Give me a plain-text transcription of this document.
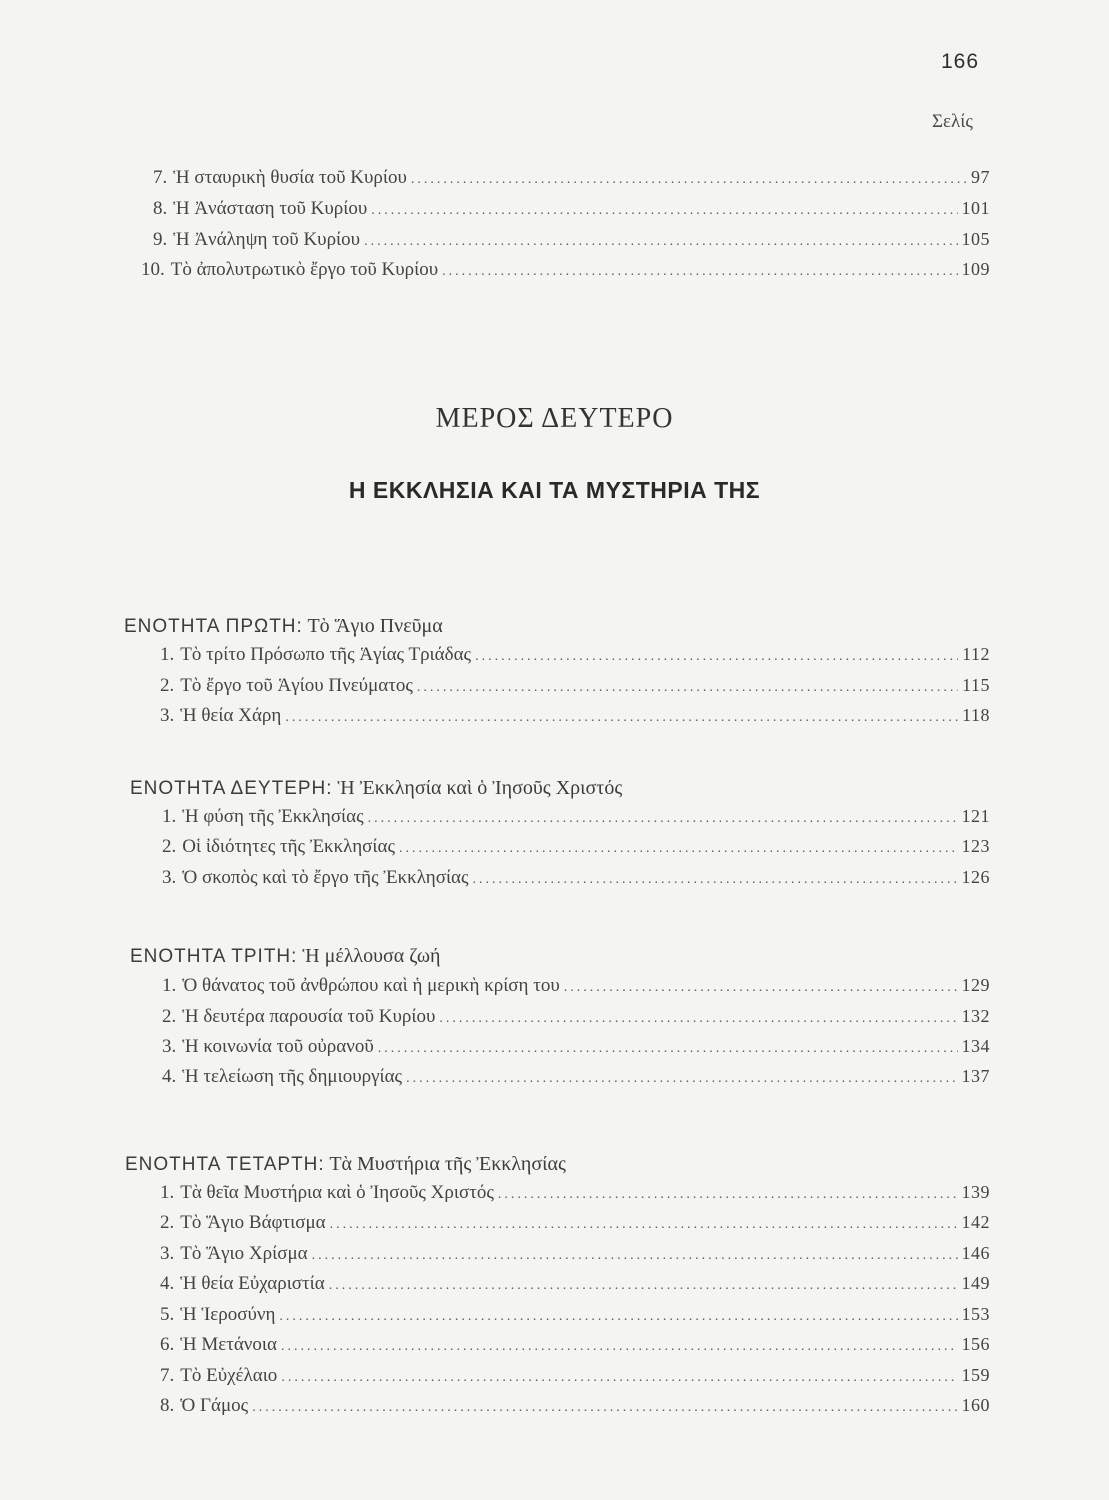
166
Σελίς
7. Ἡ σταυρικὴ θυσία τοῦ Κυρίου .....	97
8. Ἡ Ἀνάσταση τοῦ Κυρίου .....	101
9. Ἡ Ἀνάληψη τοῦ Κυρίου .....	105
10. Τὸ ἀπολυτρωτικὸ ἔργο τοῦ Κυρίου .....	109
ΜΕΡΟΣ ΔΕΥΤΕΡΟ
Η ΕΚΚΛΗΣΙΑ ΚΑΙ ΤΑ ΜΥΣΤΗΡΙΑ ΤΗΣ
ΕΝΟΤΗΤΑ ΠΡΩΤΗ: Τὸ Ἅγιο Πνεῦμα
1. Τὸ τρίτο Πρόσωπο τῆς Ἁγίας Τριάδας .....	112
2. Τὸ ἔργο τοῦ Ἁγίου Πνεύματος .....	115
3. Ἡ θεία Χάρη .....	118
ΕΝΟΤΗΤΑ ΔΕΥΤΕΡΗ: Ἡ Ἐκκλησία καὶ ὁ Ἰησοῦς Χριστός
1. Ἡ φύση τῆς Ἐκκλησίας .....	121
2. Οἱ ἰδιότητες τῆς Ἐκκλησίας .....	123
3. Ὁ σκοπὸς καὶ τὸ ἔργο τῆς Ἐκκλησίας .....	126
ΕΝΟΤΗΤΑ ΤΡΙΤΗ: Ἡ μέλλουσα ζωή
1. Ὁ θάνατος τοῦ ἀνθρώπου καὶ ἡ μερικὴ κρίση του .....	129
2. Ἡ δευτέρα παρουσία τοῦ Κυρίου .....	132
3. Ἡ κοινωνία τοῦ οὐρανοῦ .....	134
4. Ἡ τελείωση τῆς δημιουργίας .....	137
ΕΝΟΤΗΤΑ ΤΕΤΑΡΤΗ: Τὰ Μυστήρια τῆς Ἐκκλησίας
1. Τὰ θεῖα Μυστήρια καὶ ὁ Ἰησοῦς Χριστός .....	139
2. Τὸ Ἅγιο Βάφτισμα .....	142
3. Τὸ Ἅγιο Χρίσμα .....	146
4. Ἡ θεία Εὐχαριστία .....	149
5. Ἡ Ἱεροσύνη .....	153
6. Ἡ Μετάνοια .....	156
7. Τὸ Εὐχέλαιο .....	159
8. Ὁ Γάμος .....	160
